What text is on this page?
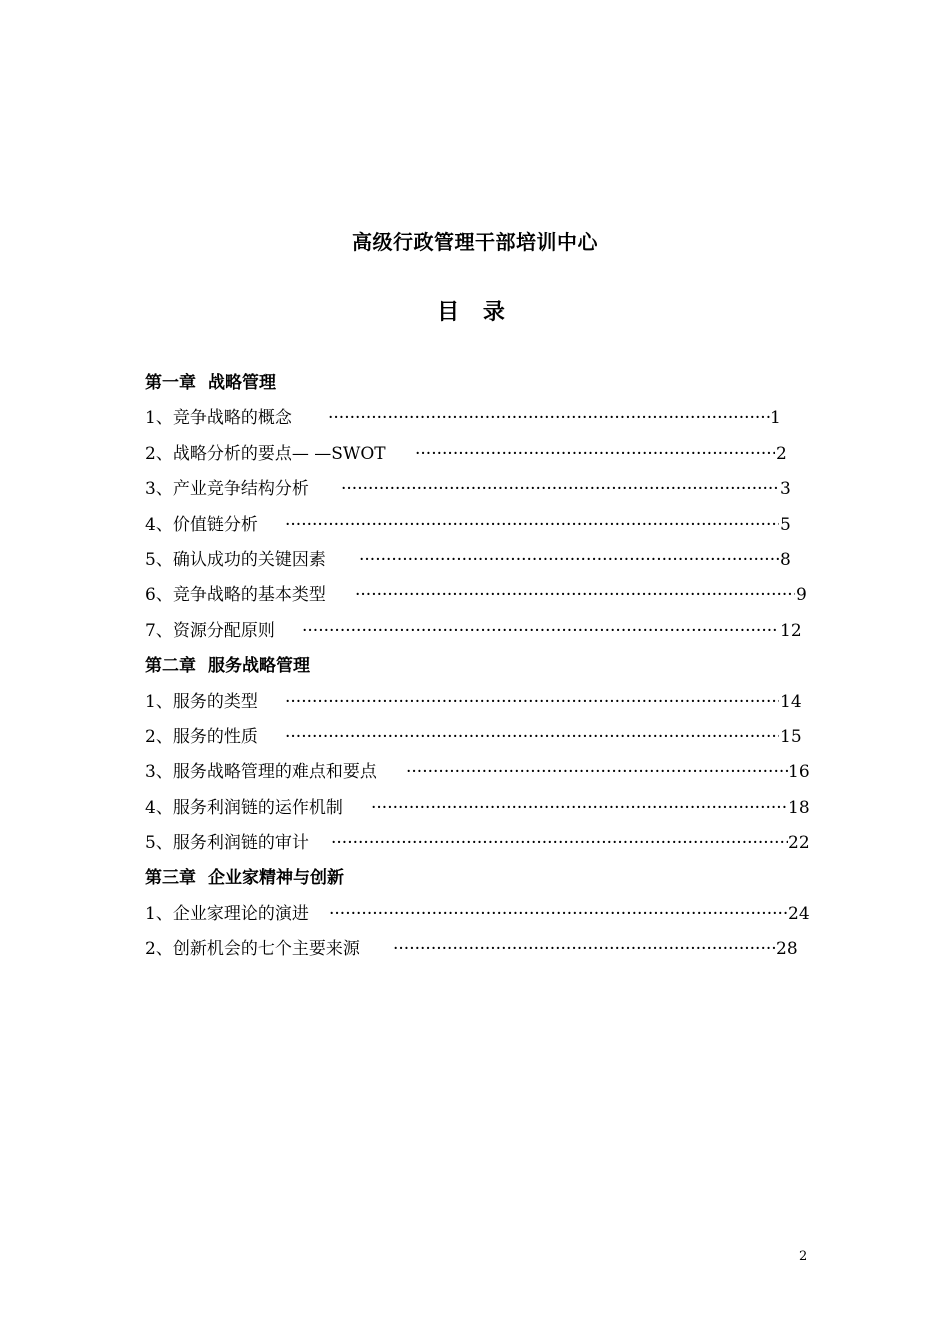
高级行政管理干部培训中心
目 录
第一章 战略管理
1、竞争战略的概念 ·····	1
2、战略分析的要点— —SWOT ·····	2
3、产业竞争结构分析 ·····	3
4、价值链分析 ·····	5
5、确认成功的关键因素 ·····	8
6、竞争战略的基本类型 ·····	9
7、资源分配原则 ·····	12
第二章 服务战略管理
1、服务的类型 ·····	14
2、服务的性质 ·····	15
3、服务战略管理的难点和要点 ·····	16
4、服务利润链的运作机制 ·····	18
5、服务利润链的审计 ·····	22
第三章 企业家精神与创新
1、企业家理论的演进 ·····	24
2、创新机会的七个主要来源 ·····	28
2
